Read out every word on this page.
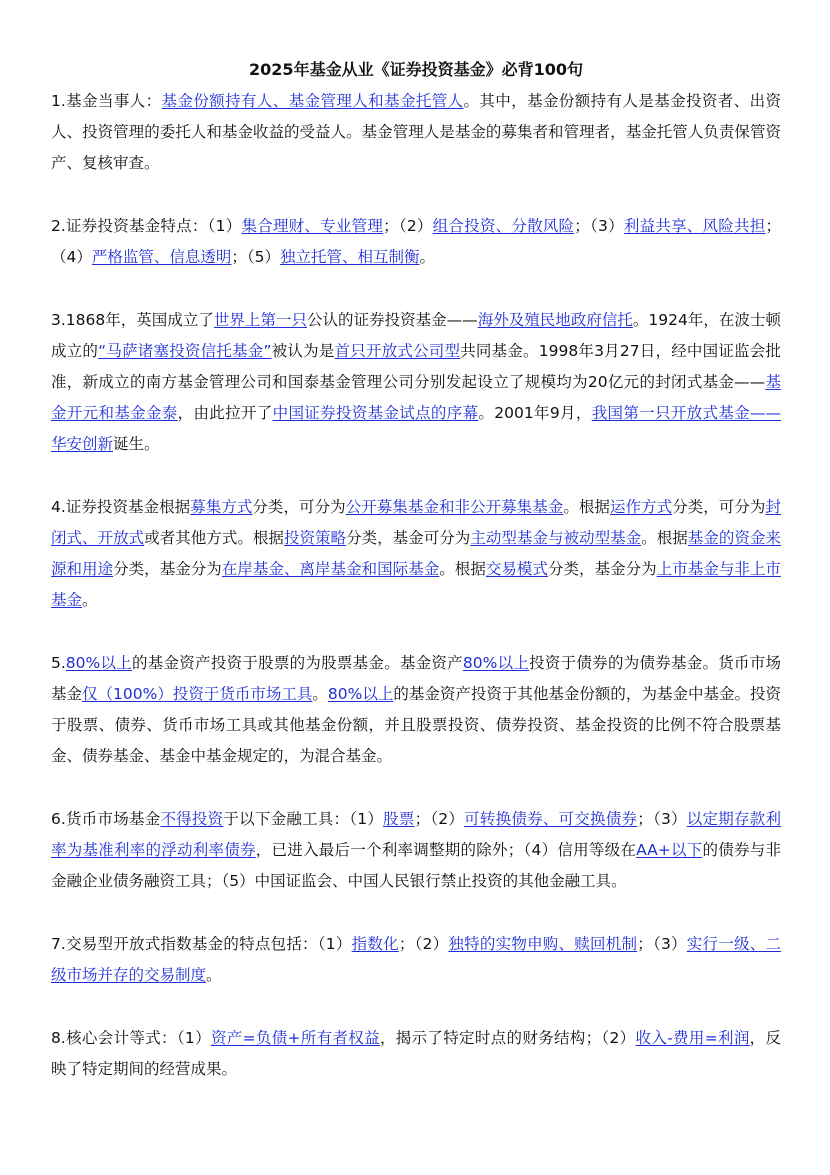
2025年基金从业《证券投资基金》必背100句

1.基金当事人：基金份额持有人、基金管理人和基金托管人。其中，基金份额持有人是基金投资者、出资人、投资管理的委托人和基金收益的受益人。基金管理人是基金的募集者和管理者，基金托管人负责保管资产、复核审查。

2.证券投资基金特点：（1）集合理财、专业管理；（2）组合投资、分散风险；（3）利益共享、风险共担；（4）严格监管、信息透明；（5）独立托管、相互制衡。

3.1868年，英国成立了世界上第一只公认的证券投资基金——海外及殖民地政府信托。1924年，在波士顿成立的“马萨诸塞投资信托基金”被认为是首只开放式公司型共同基金。1998年3月27日，经中国证监会批准，新成立的南方基金管理公司和国泰基金管理公司分别发起设立了规模均为20亿元的封闭式基金——基金开元和基金金泰，由此拉开了中国证券投资基金试点的序幕。2001年9月，我国第一只开放式基金——华安创新诞生。

4.证券投资基金根据募集方式分类，可分为公开募集基金和非公开募集基金。根据运作方式分类，可分为封闭式、开放式或者其他方式。根据投资策略分类，基金可分为主动型基金与被动型基金。根据基金的资金来源和用途分类，基金分为在岸基金、离岸基金和国际基金。根据交易模式分类，基金分为上市基金与非上市基金。

5.80%以上的基金资产投资于股票的为股票基金。基金资产80%以上投资于债券的为债券基金。货币市场基金仅（100%）投资于货币市场工具。80%以上的基金资产投资于其他基金份额的，为基金中基金。投资于股票、债券、货币市场工具或其他基金份额，并且股票投资、债券投资、基金投资的比例不符合股票基金、债券基金、基金中基金规定的，为混合基金。

6.货币市场基金不得投资于以下金融工具：（1）股票；（2）可转换债券、可交换债券；（3）以定期存款利率为基准利率的浮动利率债券，已进入最后一个利率调整期的除外；（4）信用等级在AA+以下的债券与非金融企业债务融资工具；（5）中国证监会、中国人民银行禁止投资的其他金融工具。

7.交易型开放式指数基金的特点包括：（1）指数化；（2）独特的实物申购、赎回机制；（3）实行一级、二级市场并存的交易制度。

8.核心会计等式：（1）资产=负债+所有者权益，揭示了特定时点的财务结构；（2）收入-费用=利润，反映了特定期间的经营成果。
